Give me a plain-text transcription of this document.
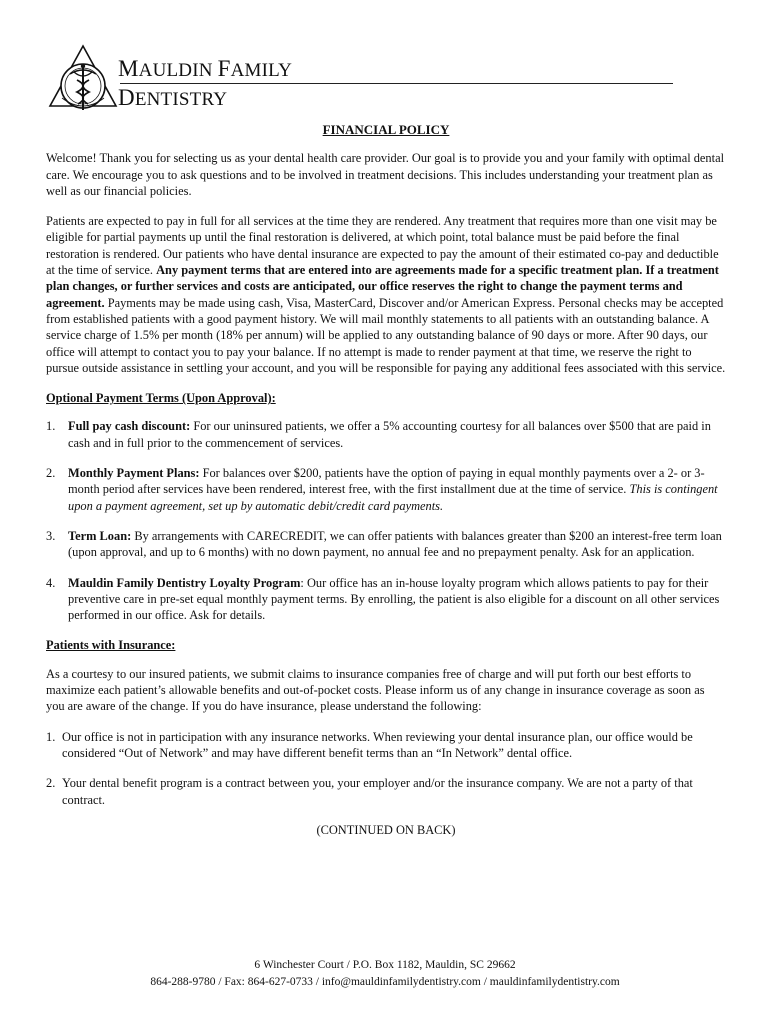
MAULDIN FAMILY
DENTISTRY
FINANCIAL POLICY

Welcome! Thank you for selecting us as your dental health care provider. Our goal is to provide you and your family with optimal dental care. We encourage you to ask questions and to be involved in treatment decisions. This includes understanding your treatment plan as well as our financial policies.

Patients are expected to pay in full for all services at the time they are rendered. Any treatment that requires more than one visit may be eligible for partial payments up until the final restoration is delivered, at which point, total balance must be paid before the final restoration is rendered. Our patients who have dental insurance are expected to pay the amount of their estimated co-pay and deductible at the time of service. Any payment terms that are entered into are agreements made for a specific treatment plan. If a treatment plan changes, or further services and costs are anticipated, our office reserves the right to change the payment terms and agreement. Payments may be made using cash, Visa, MasterCard, Discover and/or American Express. Personal checks may be accepted from established patients with a good payment history. We will mail monthly statements to all patients with an outstanding balance. A service charge of 1.5% per month (18% per annum) will be applied to any outstanding balance of 90 days or more. After 90 days, our office will attempt to contact you to pay your balance. If no attempt is made to render payment at that time, we reserve the right to pursue outside assistance in settling your account, and you will be responsible for paying any additional fees associated with this service.

Optional Payment Terms (Upon Approval):
1.	Full pay cash discount: For our uninsured patients, we offer a 5% accounting courtesy for all balances over $500 that are paid in cash and in full prior to the commencement of services.
2.	Monthly Payment Plans: For balances over $200, patients have the option of paying in equal monthly payments over a 2- or 3-month period after services have been rendered, interest free, with the first installment due at the time of service. This is contingent upon a payment agreement, set up by automatic debit/credit card payments.
3.	Term Loan: By arrangements with CARECREDIT, we can offer patients with balances greater than $200 an interest-free term loan (upon approval, and up to 6 months) with no down payment, no annual fee and no prepayment penalty. Ask for an application.
4.	Mauldin Family Dentistry Loyalty Program: Our office has an in-house loyalty program which allows patients to pay for their preventive care in pre-set equal monthly payment terms. By enrolling, the patient is also eligible for a discount on all other services performed in our office. Ask for details.
Patients with Insurance:

As a courtesy to our insured patients, we submit claims to insurance companies free of charge and will put forth our best efforts to maximize each patient’s allowable benefits and out-of-pocket costs. Please inform us of any change in insurance coverage as soon as you are aware of the change. If you do have insurance, please understand the following:

1. Our office is not in participation with any insurance networks. When reviewing your dental insurance plan, our office would be considered “Out of Network” and may have different benefit terms than an “In Network” dental office.
2. Your dental benefit program is a contract between you, your employer and/or the insurance company. We are not a party of that contract.
(CONTINUED ON BACK)
6 Winchester Court / P.O. Box 1182, Mauldin, SC 29662
864-288-9780 / Fax: 864-627-0733 / info@mauldinfamilydentistry.com / mauldinfamilydentistry.com
